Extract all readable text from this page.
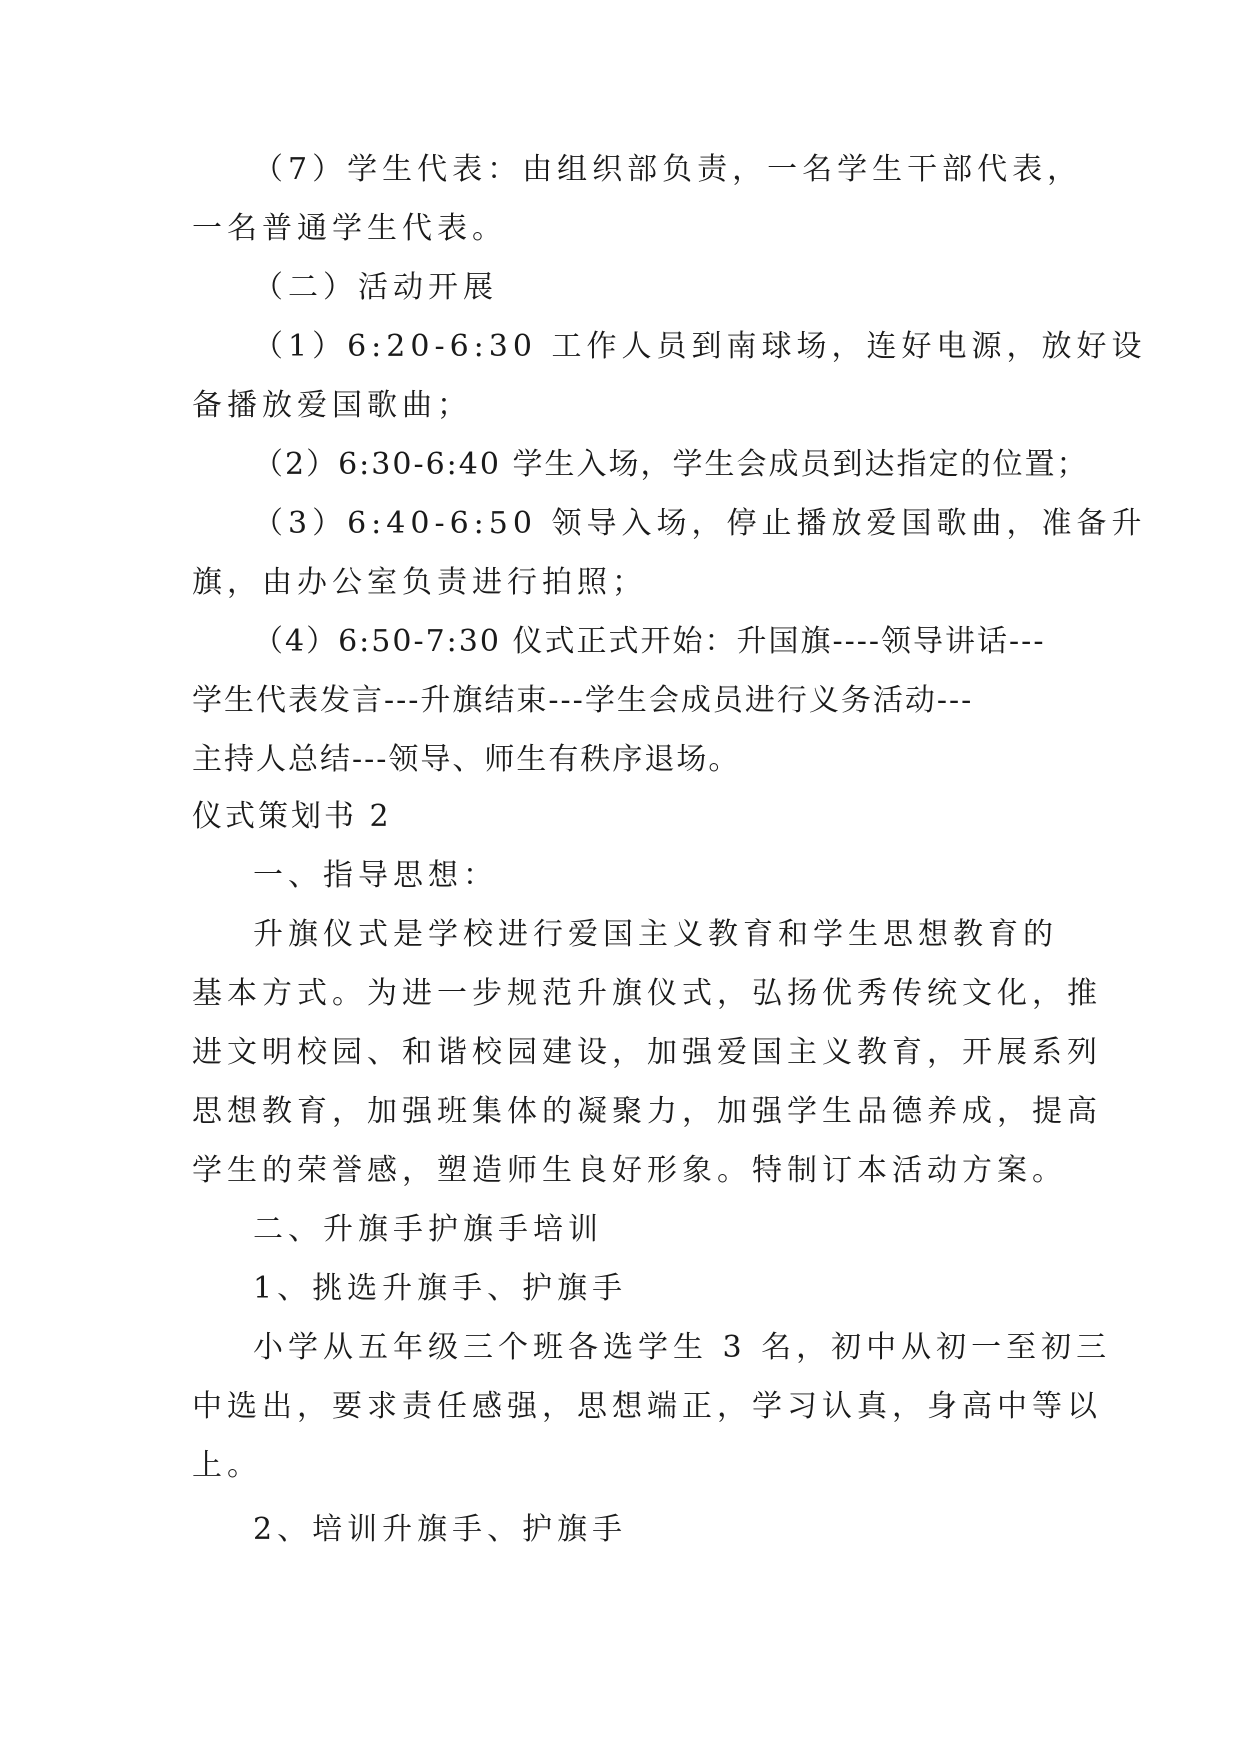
（7）学生代表：由组织部负责，一名学生干部代表，
一名普通学生代表。
（二）活动开展
（1）6:20-6:30 工作人员到南球场，连好电源，放好设
备播放爱国歌曲；
（2）6:30-6:40 学生入场，学生会成员到达指定的位置；
（3）6:40-6:50 领导入场，停止播放爱国歌曲，准备升
旗，由办公室负责进行拍照；
（4）6:50-7:30 仪式正式开始：升国旗----领导讲话---
学生代表发言---升旗结束---学生会成员进行义务活动---
主持人总结---领导、师生有秩序退场。
仪式策划书 2
一、指导思想：
升旗仪式是学校进行爱国主义教育和学生思想教育的
基本方式。为进一步规范升旗仪式，弘扬优秀传统文化，推
进文明校园、和谐校园建设，加强爱国主义教育，开展系列
思想教育，加强班集体的凝聚力，加强学生品德养成，提高
学生的荣誉感，塑造师生良好形象。特制订本活动方案。
二、升旗手护旗手培训
1、挑选升旗手、护旗手
小学从五年级三个班各选学生 3 名，初中从初一至初三
中选出，要求责任感强，思想端正，学习认真，身高中等以
上。
2、培训升旗手、护旗手
